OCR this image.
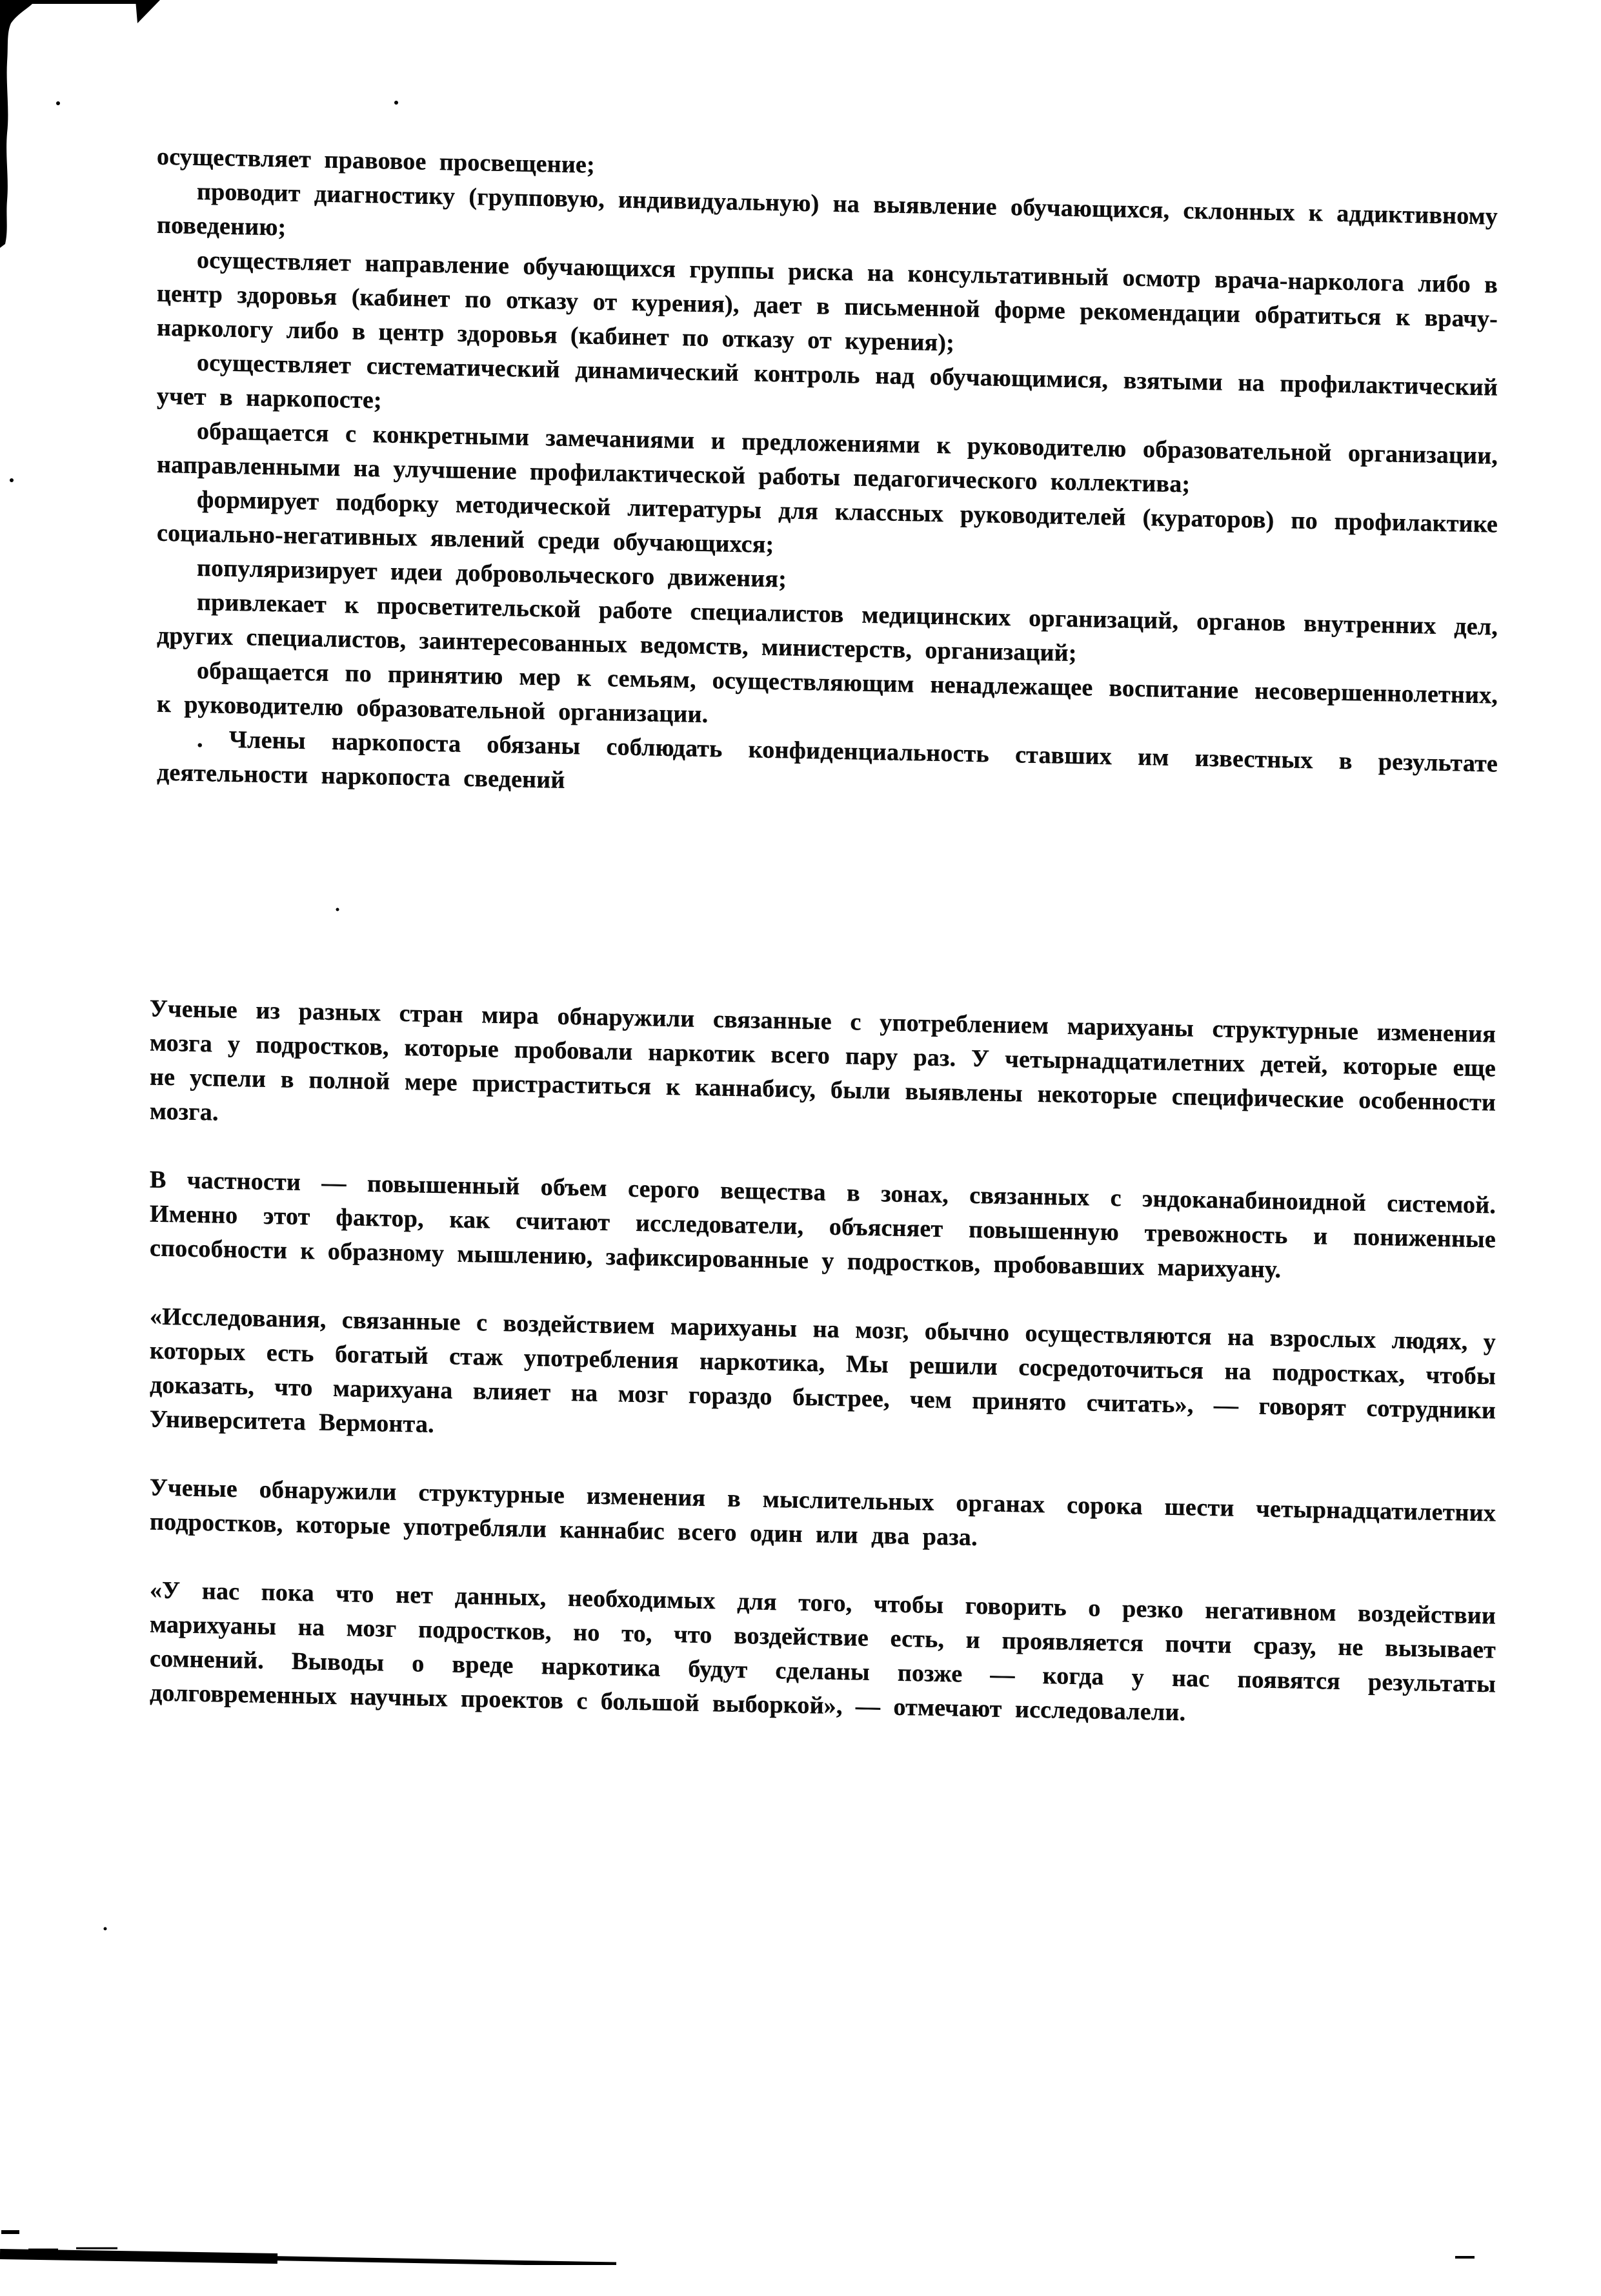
осуществляет правовое просвещение;

проводит диагностику (групповую, индивидуальную) на выявление обучающихся, склонных к аддиктивному поведению;

осуществляет направление обучающихся группы риска на консультативный осмотр врача-нарколога либо в центр здоровья (кабинет по отказу от курения), дает в письменной форме рекомендации обратиться к врачу-наркологу либо в центр здоровья (кабинет по отказу от курения);

осуществляет систематический динамический контроль над обучающимися, взятыми на профилактический учет в наркопосте;

обращается с конкретными замечаниями и предложениями к руководителю образовательной организации, направленными на улучшение профилактической работы педагогического коллектива;

формирует подборку методической литературы для классных руководителей (кураторов) по профилактике социально-негативных явлений среди обучающихся;

популяризирует идеи добровольческого движения;

привлекает к просветительской работе специалистов медицинских организаций, органов внутренних дел, других специалистов, заинтересованных ведомств, министерств, организаций;

обращается по принятию мер к семьям, осуществляющим ненадлежащее воспитание несовершеннолетних, к руководителю образовательной организации.

. Члены наркопоста обязаны соблюдать конфиденциальность ставших им известных в результате деятельности наркопоста сведений

Ученые из разных стран мира обнаружили связанные с употреблением марихуаны структурные изменения мозга у подростков, которые пробовали наркотик всего пару раз. У четырнадцатилетних детей, которые еще не успели в полной мере пристраститься к каннабису, были выявлены некоторые специфические особенности мозга.

В частности — повышенный объем серого вещества в зонах, связанных с эндоканабиноидной системой. Именно этот фактор, как считают исследователи, объясняет повышенную тревожность и пониженные способности к образному мышлению, зафиксированные у подростков, пробовавших марихуану.

«Исследования, связанные с воздействием марихуаны на мозг, обычно осуществляются на взрослых людях, у которых есть богатый стаж употребления наркотика, Мы решили сосредоточиться на подростках, чтобы доказать, что марихуана влияет на мозг гораздо быстрее, чем принято считать», — говорят сотрудники Университета Вермонта.

Ученые обнаружили структурные изменения в мыслительных органах сорока шести четырнадцатилетних подростков, которые употребляли каннабис всего один или два раза.

«У нас пока что нет данных, необходимых для того, чтобы говорить о резко негативном воздействии марихуаны на мозг подростков, но то, что воздействие есть, и проявляется почти сразу, не вызывает сомнений. Выводы о вреде наркотика будут сделаны позже — когда у нас появятся результаты долговременных научных проектов с большой выборкой», — отмечают исследовалели.
